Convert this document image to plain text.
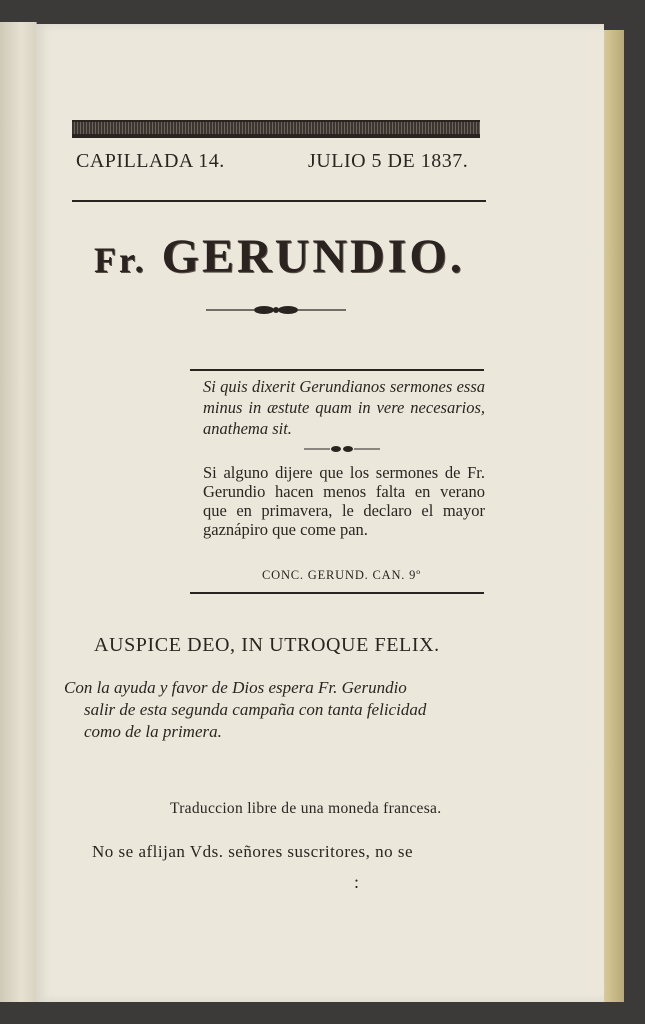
CAPILLADA 14.	JULIO 5 DE 1837.
Fr. GERUNDIO.
Si quis dixerit Gerundianos sermones essa minus in æstute quam in vere necesarios, anathema sit.
Si alguno dijere que los sermones de Fr. Gerundio hacen menos falta en verano que en primavera, le declaro el mayor gaznápiro que come pan.
CONC. GERUND. CAN. 9º
AUSPICE DEO, IN UTROQUE FELIX.
Con la ayuda y favor de Dios espera Fr. Gerundio
salir de esta segunda campaña con tanta felicidad
como de la primera.
Traduccion libre de una moneda francesa.
No se aflijan Vds. señores suscritores, no se
:
